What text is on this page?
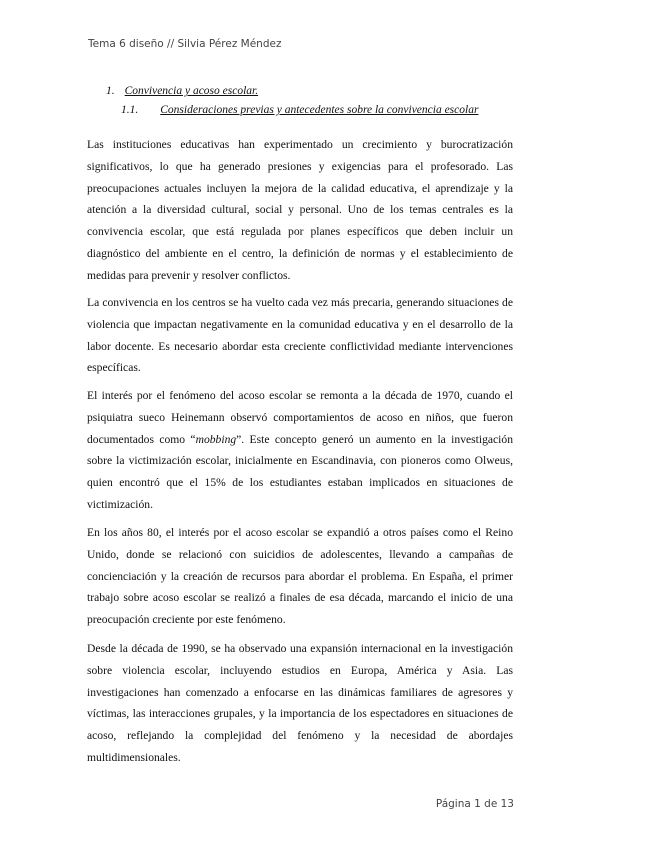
Tema 6 diseño // Silvia Pérez Méndez
1. Convivencia y acoso escolar.
1.1. Consideraciones previas y antecedentes sobre la convivencia escolar

Las instituciones educativas han experimentado un crecimiento y burocratización significativos, lo que ha generado presiones y exigencias para el profesorado. Las preocupaciones actuales incluyen la mejora de la calidad educativa, el aprendizaje y la atención a la diversidad cultural, social y personal. Uno de los temas centrales es la convivencia escolar, que está regulada por planes específicos que deben incluir un diagnóstico del ambiente en el centro, la definición de normas y el establecimiento de medidas para prevenir y resolver conflictos.

La convivencia en los centros se ha vuelto cada vez más precaria, generando situaciones de violencia que impactan negativamente en la comunidad educativa y en el desarrollo de la labor docente. Es necesario abordar esta creciente conflictividad mediante intervenciones específicas.

El interés por el fenómeno del acoso escolar se remonta a la década de 1970, cuando el psiquiatra sueco Heinemann observó comportamientos de acoso en niños, que fueron documentados como “mobbing”. Este concepto generó un aumento en la investigación sobre la victimización escolar, inicialmente en Escandinavia, con pioneros como Olweus, quien encontró que el 15% de los estudiantes estaban implicados en situaciones de victimización.

En los años 80, el interés por el acoso escolar se expandió a otros países como el Reino Unido, donde se relacionó con suicidios de adolescentes, llevando a campañas de concienciación y la creación de recursos para abordar el problema. En España, el primer trabajo sobre acoso escolar se realizó a finales de esa década, marcando el inicio de una preocupación creciente por este fenómeno.

Desde la década de 1990, se ha observado una expansión internacional en la investigación sobre violencia escolar, incluyendo estudios en Europa, América y Asia. Las investigaciones han comenzado a enfocarse en las dinámicas familiares de agresores y víctimas, las interacciones grupales, y la importancia de los espectadores en situaciones de acoso, reflejando la complejidad del fenómeno y la necesidad de abordajes multidimensionales.

Página 1 de 13
